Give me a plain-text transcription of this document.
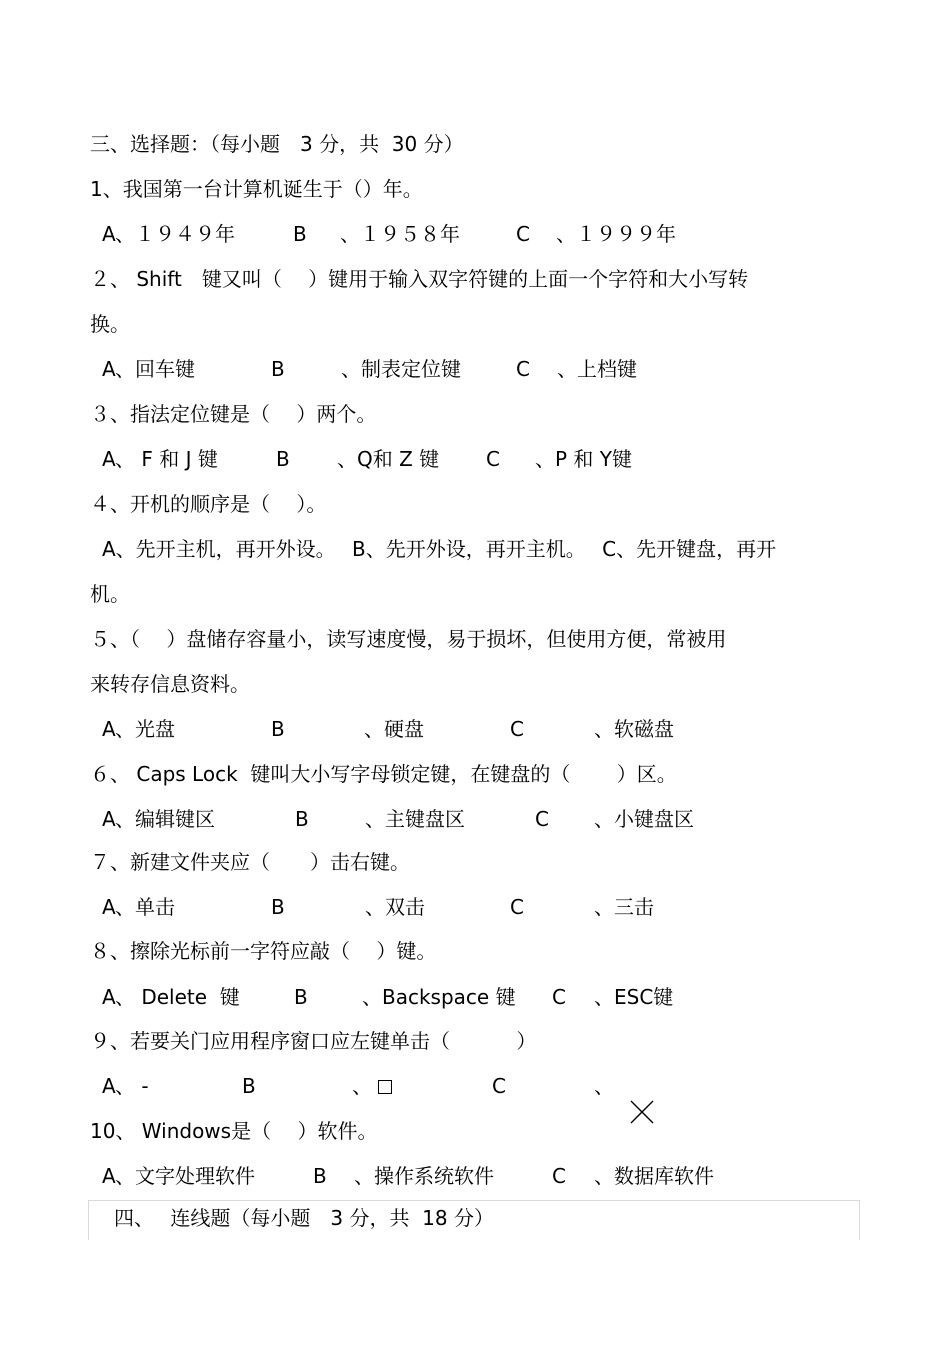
三、选择题：（每小题　3 分，共  30 分）
1、我国第一台计算机诞生于（）年。
A 、１９４９年	B 、１９５８年	C 、１９９９年
２、 Shift　键又叫（　 ）键用于输入双字符键的上面一个字符和大小写转
换。
A 、回车键	B	、制表定位键	C 、上档键
３、指法定位键是（　 ）两个。
A 、 F 和 J 键	B 、Q和 Z 键 C 、P 和 Y键
４、开机的顺序是（　 ）。
A、先开主机，再开外设。　 B、先开外设，再开主机。　 C、先开键盘，再开
机。
５、（　 ）盘储存容量小，读写速度慢，易于损坏，但使用方便，常被用
来转存信息资料。
A 、光盘	B	、硬盘	C	、软磁盘
６、 Caps Lock  键叫大小写字母锁定键，在键盘的（　　 ）区。
A 、编辑键区	B	、主键盘区	C 、小键盘区
７、新建文件夹应（　　）击右键。
A 、单击	B	、双击	C	、三击
８、擦除光标前一字符应敲（　 ）键。
A 、 Delete  键	B	、Backspace 键 C 、ESC键
９、若要关门应用程序窗口应左键单击（　　　 ）
A 、 -	B	、	C	、

10、 Windows是（　 ）软件。
A 、文字处理软件	B 、操作系统软件	C 、数据库软件
四、　 连线题（每小题　3 分，共  18 分）
